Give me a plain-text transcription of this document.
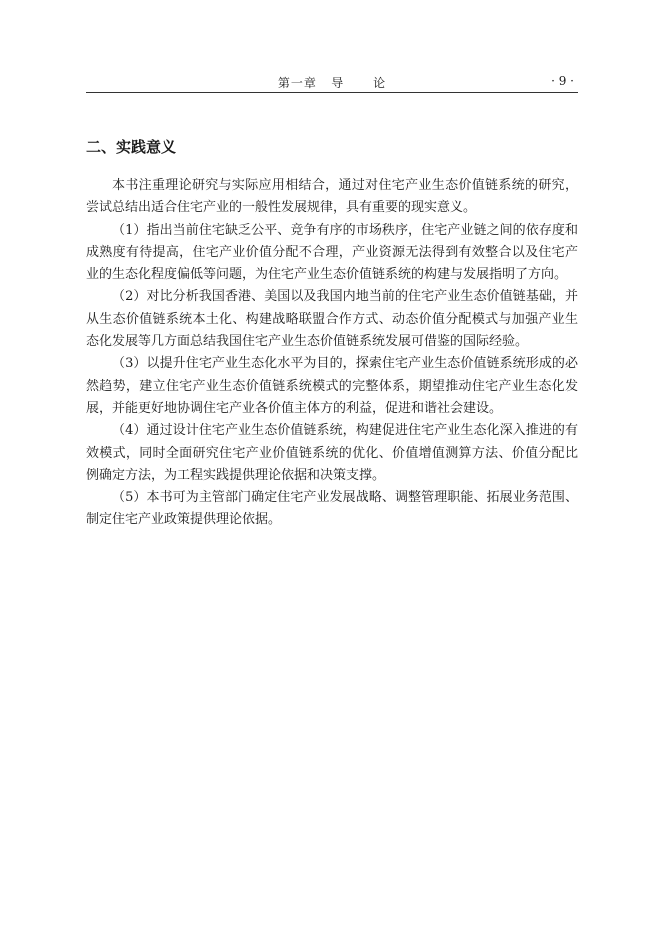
第一章   导      论	· 9 ·
二、实践意义

本书注重理论研究与实际应用相结合，通过对住宅产业生态价值链系统的研究，尝试总结出适合住宅产业的一般性发展规律，具有重要的现实意义。

（1）指出当前住宅缺乏公平、竞争有序的市场秩序，住宅产业链之间的依存度和成熟度有待提高，住宅产业价值分配不合理，产业资源无法得到有效整合以及住宅产业的生态化程度偏低等问题，为住宅产业生态价值链系统的构建与发展指明了方向。

（2）对比分析我国香港、美国以及我国内地当前的住宅产业生态价值链基础，并从生态价值链系统本土化、构建战略联盟合作方式、动态价值分配模式与加强产业生态化发展等几方面总结我国住宅产业生态价值链系统发展可借鉴的国际经验。

（3）以提升住宅产业生态化水平为目的，探索住宅产业生态价值链系统形成的必然趋势，建立住宅产业生态价值链系统模式的完整体系，期望推动住宅产业生态化发展，并能更好地协调住宅产业各价值主体方的利益，促进和谐社会建设。

（4）通过设计住宅产业生态价值链系统，构建促进住宅产业生态化深入推进的有效模式，同时全面研究住宅产业价值链系统的优化、价值增值测算方法、价值分配比例确定方法，为工程实践提供理论依据和决策支撑。

（5）本书可为主管部门确定住宅产业发展战略、调整管理职能、拓展业务范围、制定住宅产业政策提供理论依据。
